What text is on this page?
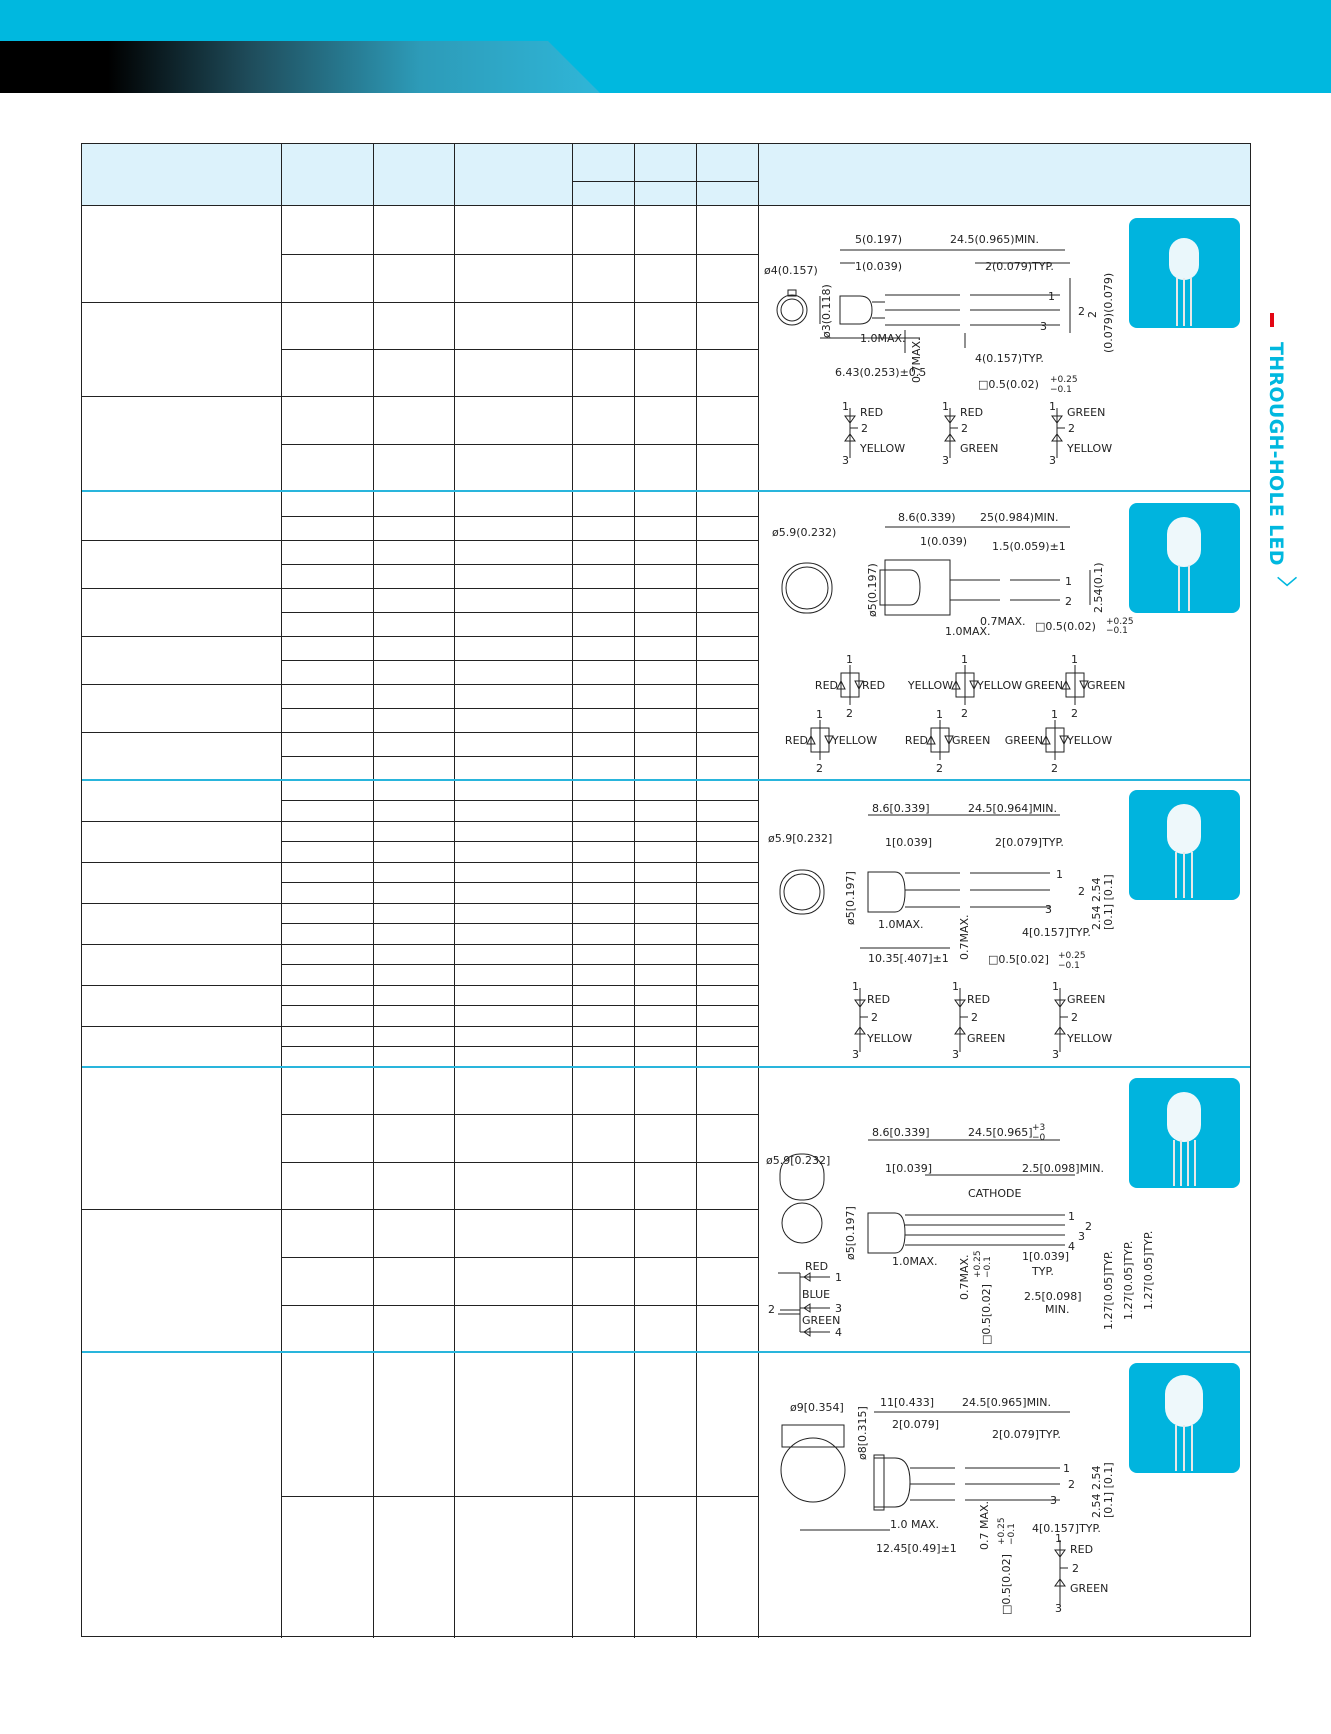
THROUGH-HOLE LED
〉
5(0.197)	24.5(0.965)MIN.
1(0.039)	2(0.079)TYP.
ø4(0.157)
ø3(0.118)
1.0MAX.
6.43(0.253)±0.5
0.7MAX.	4(0.157)TYP.
□0.5(0.02) +0.25
−0.1
1
2
3
2 (0.079)(0.079)
1 RED
2
YELLOW
3
1 RED
2
GREEN
3
1 GREEN
2
YELLOW
3
8.6(0.339) 25(0.984)MIN.
1(0.039) 1.5(0.059)±1
ø5.9(0.232)
ø5(0.197)
1.0MAX.
0.7MAX. □0.5(0.02) +0.25
−0.1
2.54(0.1)
1
2
RED RED
1
2
YELLOW YELLOW
1
2
GREEN GREEN
1
2
RED YELLOW
1
2
RED GREEN
1
2
GREEN YELLOW
1
2
8.6[0.339]	24.5[0.964]MIN.
1[0.039]	2[0.079]TYP.
ø5.9[0.232]
ø5[0.197] 1.0MAX.
10.35[.407]±1 0.7MAX.	4[0.157]TYP.
□0.5[0.02] +0.25
−0.1
1
2
3	2.54 2.54 [0.1] [0.1]
1
RED
2
YELLOW
3
1
RED
2
GREEN
3
1
GREEN
2
YELLOW
3
8.6[0.339]	24.5[0.965] +3
−0
1[0.039]	2.5[0.098]MIN.
CATHODE
ø5.9[0.232]
ø5[0.197]
1.0MAX. 0.7MAX.
□0.5[0.02]
+0.25 −0.1	1[0.039]
TYP.
2.5[0.098]
MIN.	1.27[0.05]TYP. 1.27[0.05]TYP. 1.27[0.05]TYP.
1
2
3
4
RED
1
BLUE
2	3
GREEN
4
11[0.433]	24.5[0.965]MIN.
2[0.079]
2[0.079]TYP.
ø9[0.354] ø8[0.315]
1.0 MAX.
12.45[0.49]±1 0.7 MAX.	4[0.157]TYP.
□0.5[0.02]
+0.25 −0.1
1
2
3	2.54 2.54 [0.1] [0.1]
1
RED
2
GREEN
3
